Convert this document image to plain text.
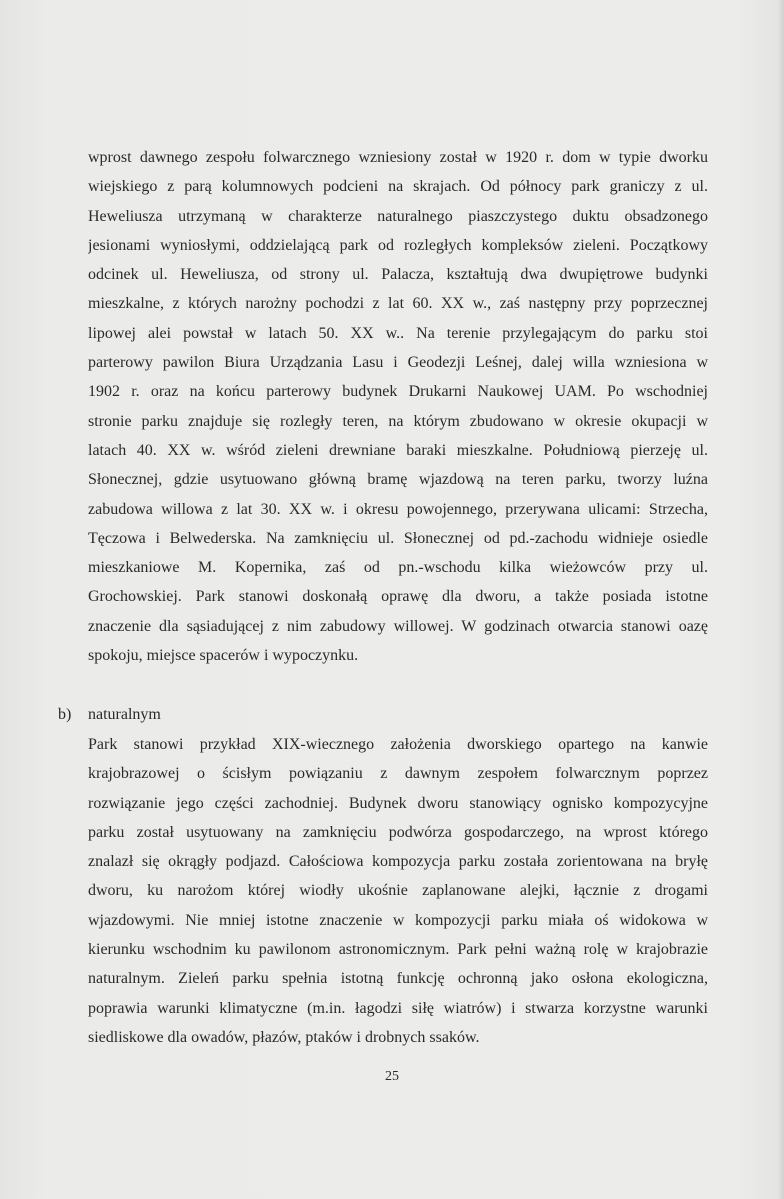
wprost dawnego zespołu folwarcznego wzniesiony został w 1920 r. dom w typie dworku
wiejskiego z parą kolumnowych podcieni na skrajach. Od północy park graniczy z ul.
Heweliusza utrzymaną w charakterze naturalnego piaszczystego duktu obsadzonego
jesionami wyniosłymi, oddzielającą park od rozległych kompleksów zieleni. Początkowy
odcinek ul. Heweliusza, od strony ul. Palacza, kształtują dwa dwupiętrowe budynki
mieszkalne, z których narożny pochodzi z lat 60. XX w., zaś następny przy poprzecznej
lipowej alei powstał w latach 50. XX w.. Na terenie przylegającym do parku stoi
parterowy pawilon Biura Urządzania Lasu i Geodezji Leśnej, dalej willa wzniesiona w
1902 r. oraz na końcu parterowy budynek Drukarni Naukowej UAM. Po wschodniej
stronie parku znajduje się rozległy teren, na którym zbudowano w okresie okupacji w
latach 40. XX w. wśród zieleni drewniane baraki mieszkalne. Południową pierzeję ul.
Słonecznej, gdzie usytuowano główną bramę wjazdową na teren parku, tworzy luźna
zabudowa willowa z lat 30. XX w. i okresu powojennego, przerywana ulicami: Strzecha,
Tęczowa i Belwederska. Na zamknięciu ul. Słonecznej od pd.-zachodu widnieje osiedle
mieszkaniowe M. Kopernika, zaś od pn.-wschodu kilka wieżowców przy ul.
Grochowskiej. Park stanowi doskonałą oprawę dla dworu, a także posiada istotne
znaczenie dla sąsiadującej z nim zabudowy willowej. W godzinach otwarcia stanowi oazę
spokoju, miejsce spacerów i wypoczynku.
b) naturalnym
Park stanowi przykład XIX-wiecznego założenia dworskiego opartego na kanwie
krajobrazowej o ścisłym powiązaniu z dawnym zespołem folwarcznym poprzez
rozwiązanie jego części zachodniej. Budynek dworu stanowiący ognisko kompozycyjne
parku został usytuowany na zamknięciu podwórza gospodarczego, na wprost którego
znalazł się okrągły podjazd. Całościowa kompozycja parku została zorientowana na bryłę
dworu, ku narożom której wiodły ukośnie zaplanowane alejki, łącznie z drogami
wjazdowymi. Nie mniej istotne znaczenie w kompozycji parku miała oś widokowa w
kierunku wschodnim ku pawilonom astronomicznym. Park pełni ważną rolę w krajobrazie
naturalnym. Zieleń parku spełnia istotną funkcję ochronną jako osłona ekologiczna,
poprawia warunki klimatyczne (m.in. łagodzi siłę wiatrów) i stwarza korzystne warunki
siedliskowe dla owadów, płazów, ptaków i drobnych ssaków.
25
